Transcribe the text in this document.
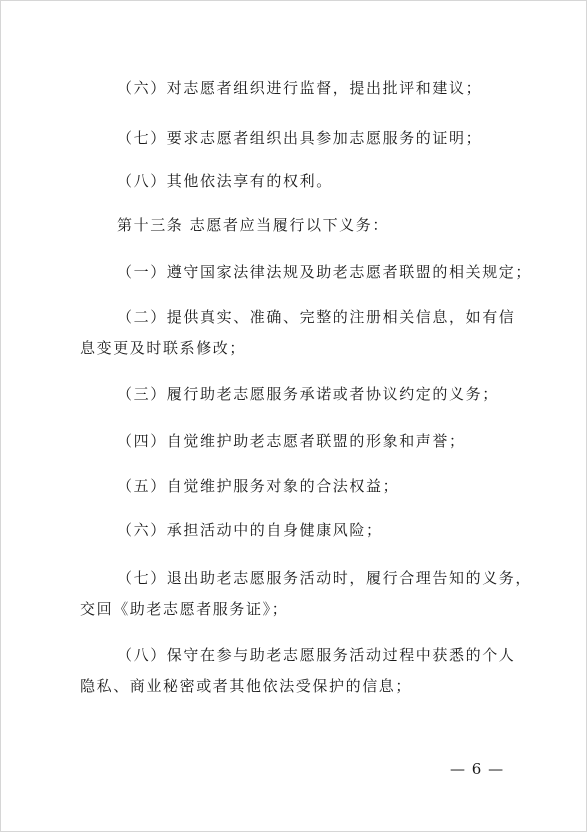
（六）对志愿者组织进行监督，提出批评和建议；
（七）要求志愿者组织出具参加志愿服务的证明；
（八）其他依法享有的权利。
第十三条 志愿者应当履行以下义务：
（一）遵守国家法律法规及助老志愿者联盟的相关规定；
（二）提供真实、准确、完整的注册相关信息，如有信
息变更及时联系修改；
（三）履行助老志愿服务承诺或者协议约定的义务；
（四）自觉维护助老志愿者联盟的形象和声誉；
（五）自觉维护服务对象的合法权益；
（六）承担活动中的自身健康风险；
（七）退出助老志愿服务活动时，履行合理告知的义务，
交回《助老志愿者服务证》；
（八）保守在参与助老志愿服务活动过程中获悉的个人
隐私、商业秘密或者其他依法受保护的信息；
— 6 —
